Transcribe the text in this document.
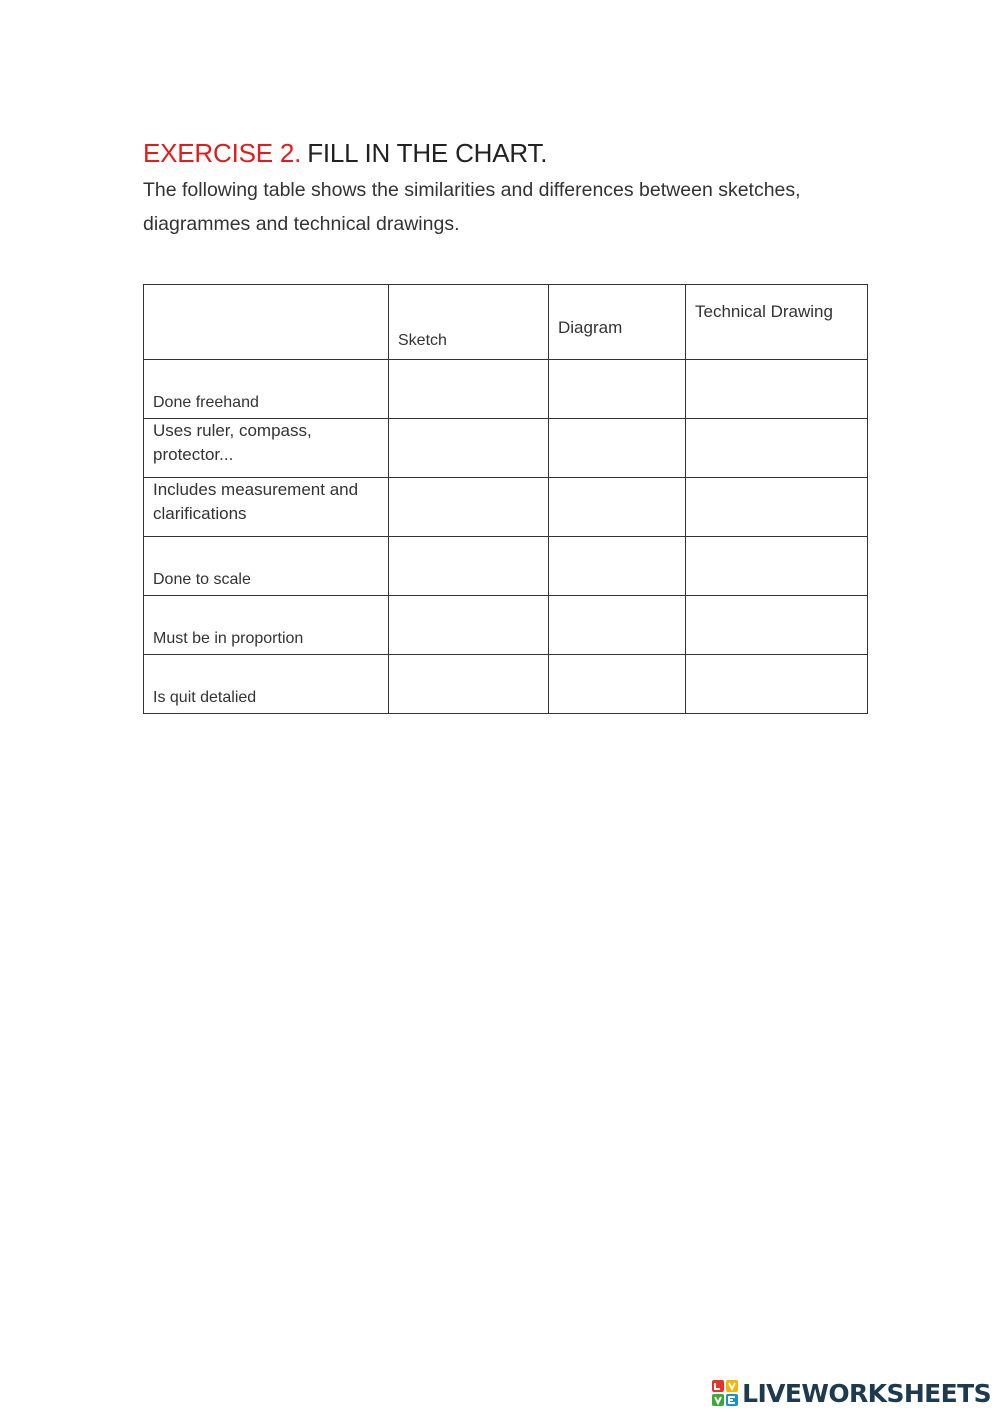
EXERCISE 2. FILL IN THE CHART.

The following table shows the similarities and differences between sketches, diagrammes and technical drawings.

	Sketch	Diagram	Technical Drawing
Done freehand			
Uses ruler, compass, protector...			
Includes measurement and clarifications			
Done to scale			
Must be in proportion			
Is quit detalied			
LIVEWORKSHEETS
